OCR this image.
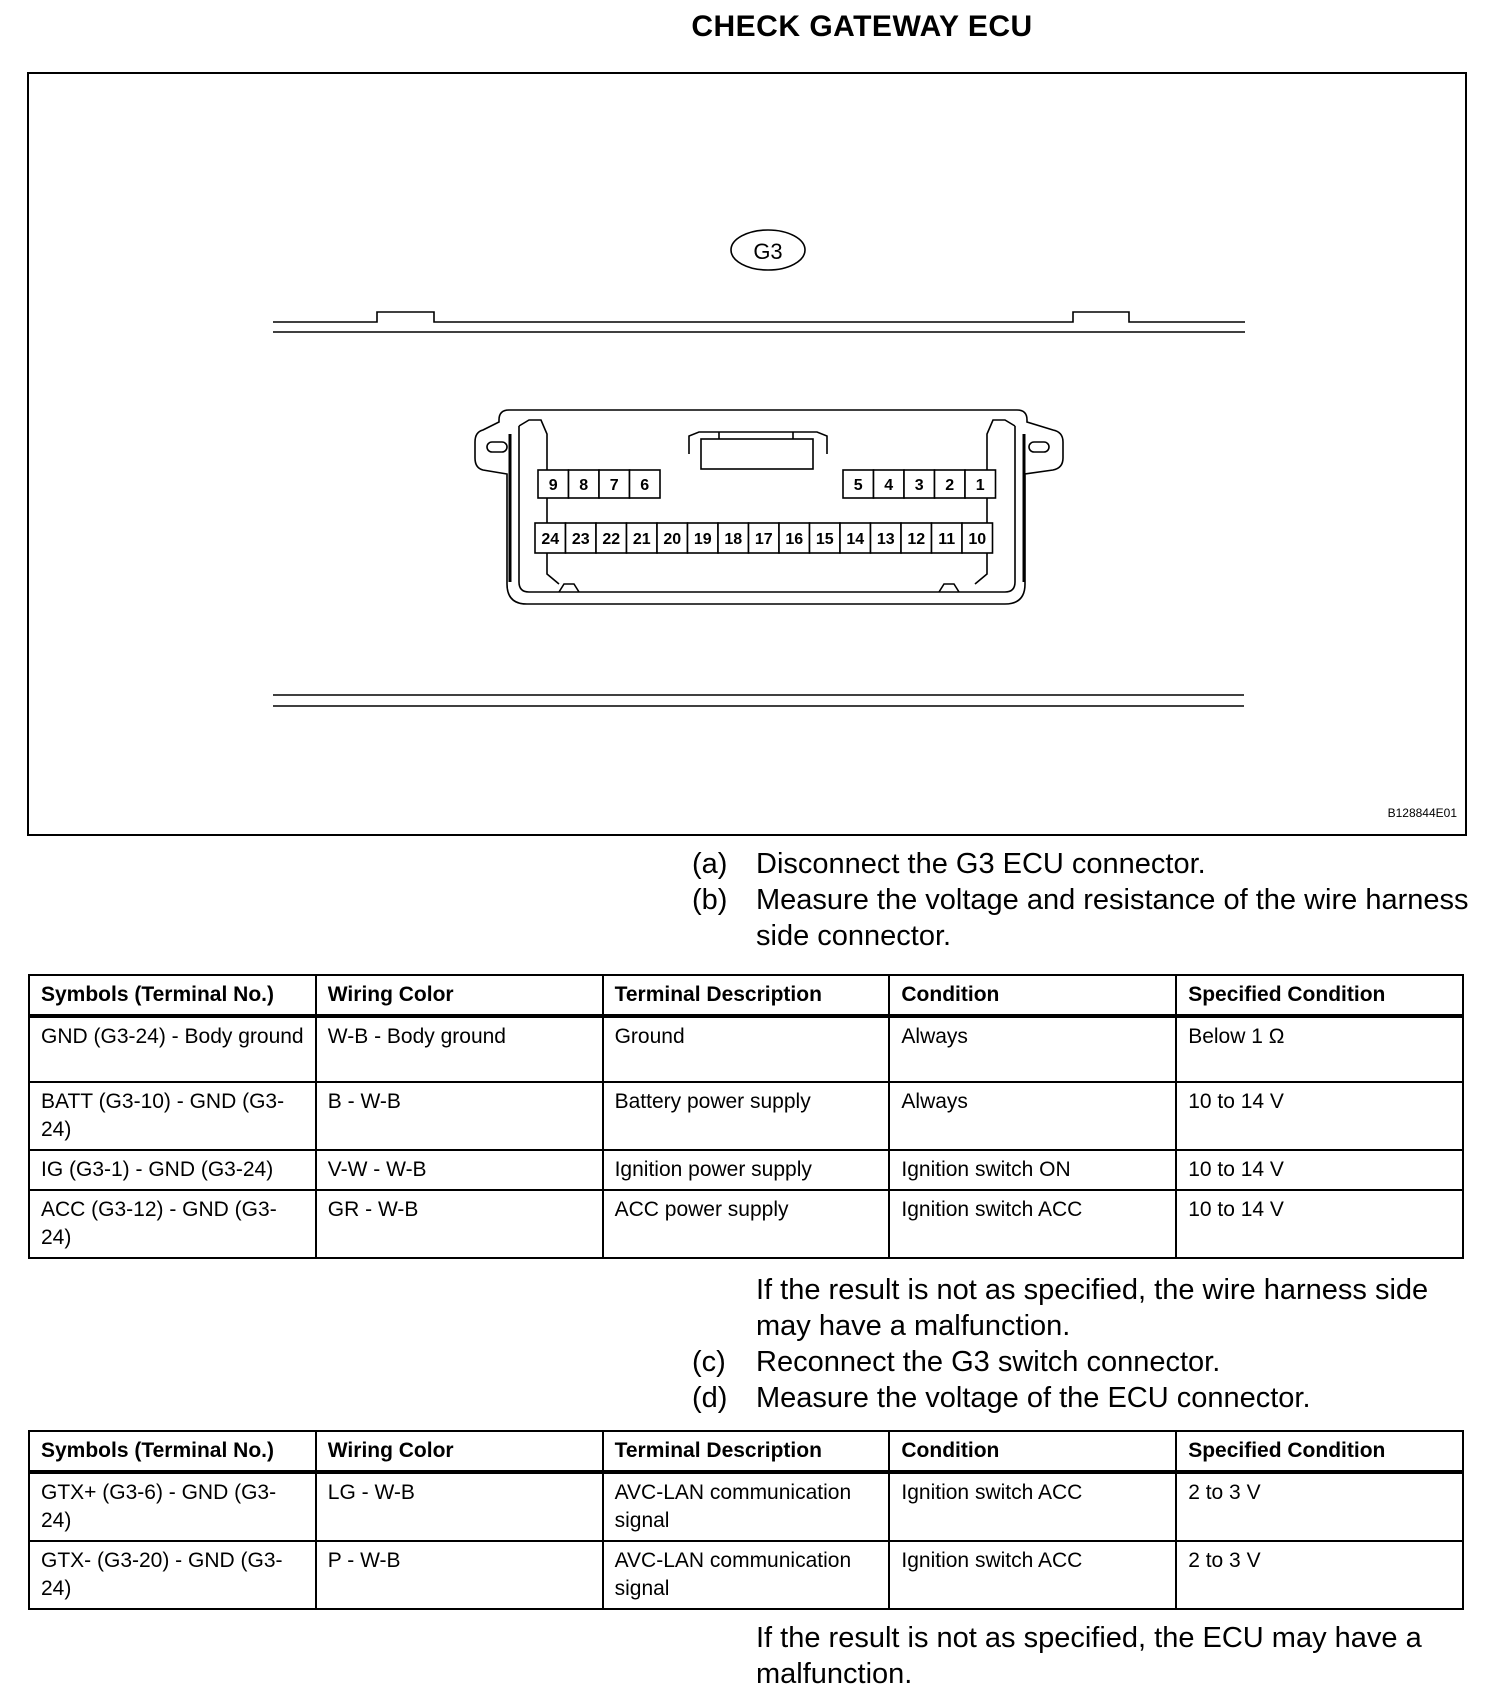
CHECK GATEWAY ECU
9 8 7 6	5 4 3 2 1
24 23 22 21 20 19 18 17 16 15 14 13 12 11 10
G3
B128844E01
(a) Disconnect the G3 ECU connector.
(b) Measure the voltage and resistance of the wire harness side connector.
Symbols (Terminal No.)	Wiring Color	Terminal Description	Condition	Specified Condition
GND (G3-24) - Body ground	W-B - Body ground	Ground	Always	Below 1 Ω
BATT (G3-10) - GND (G3-24)	B - W-B	Battery power supply	Always	10 to 14 V
IG (G3-1) - GND (G3-24)	V-W - W-B	Ignition power supply	Ignition switch ON	10 to 14 V
ACC (G3-12) - GND (G3-24)	GR - W-B	ACC power supply	Ignition switch ACC	10 to 14 V
If the result is not as specified, the wire harness side may have a malfunction.
(c)	Reconnect the G3 switch connector.
(d) Measure the voltage of the ECU connector.
Symbols (Terminal No.)	Wiring Color	Terminal Description	Condition	Specified Condition
GTX+ (G3-6) - GND (G3-24)	LG - W-B	AVC-LAN communication signal	Ignition switch ACC	2 to 3 V
GTX- (G3-20) - GND (G3-24)	P - W-B	AVC-LAN communication signal	Ignition switch ACC	2 to 3 V
If the result is not as specified, the ECU may have a malfunction.
